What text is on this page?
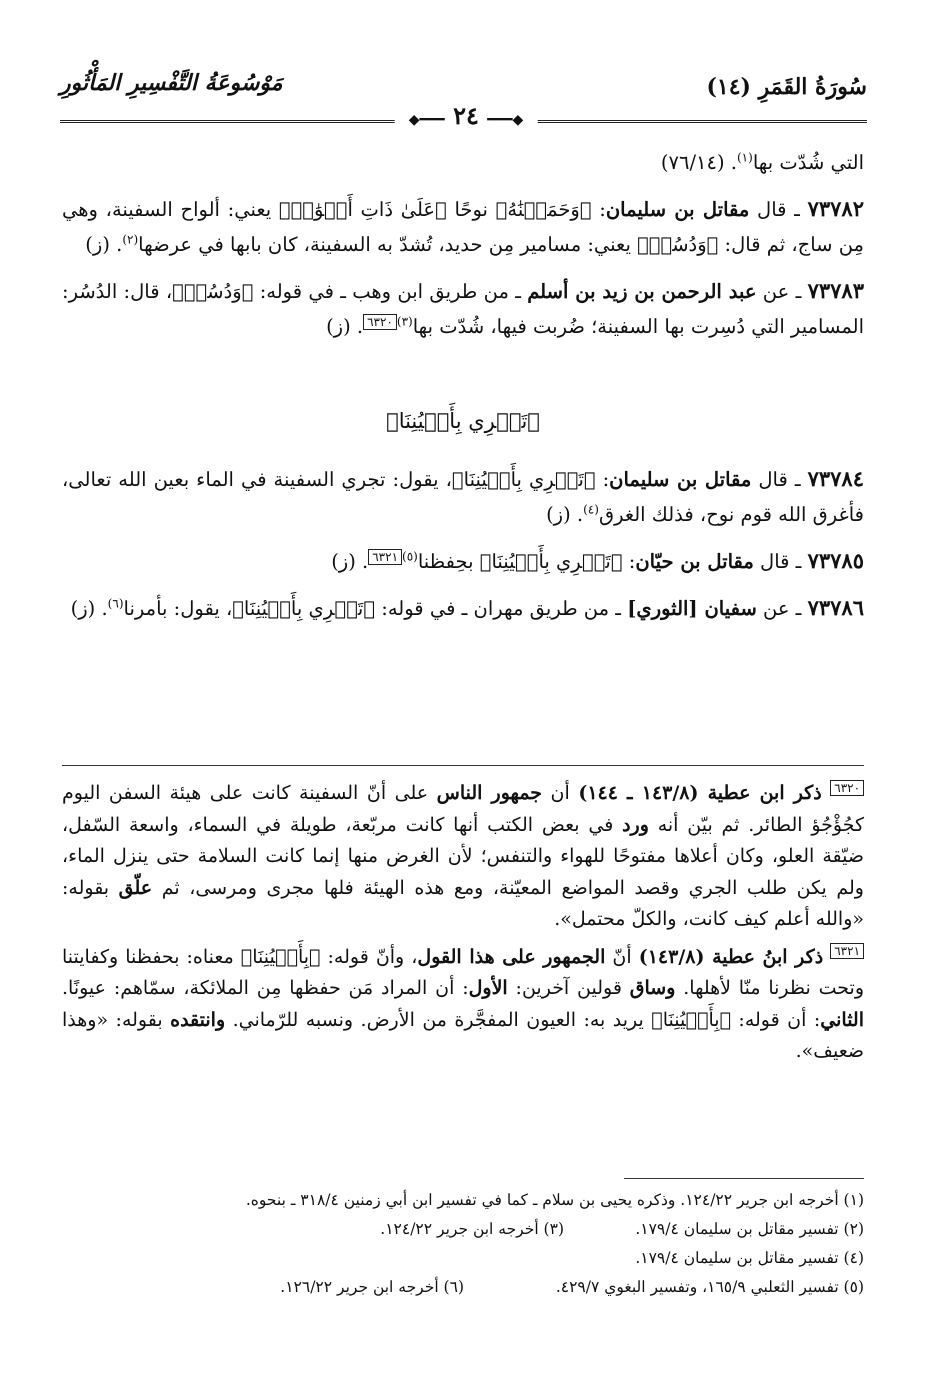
سُورَةُ القَمَرِ (١٤)
مَوْسُوعَةُ التَّفْسِيرِ المَأْثُورِ
◆━━━ ٢٤ ━━━◆

التي شُدّت بها$^{(١)}$. (٧٦/١٤)

٧٣٧٨٢ ـ قال مقاتل بن سليمان: ﴿وَحَمَلۡنَٰهُ﴾ نوحًا ﴿عَلَىٰ ذَاتِ أَلۡوَٰحٖ﴾ يعني: ألواح السفينة، وهي مِن ساج، ثم قال: ﴿وَدُسُرٖ﴾ يعني: مسامير مِن حديد، تُشدّ به السفينة، كان بابها في عرضها$^{(٢)}$. (ز)

٧٣٧٨٣ ـ عن عبد الرحمن بن زيد بن أسلم ـ من طريق ابن وهب ـ في قوله: ﴿وَدُسُرٖ﴾، قال: الدُسُر: المسامير التي دُسِرت بها السفينة؛ ضُربت فيها، شُدّت بها$^{(٣)}$٦٣٢٠. (ز)

﴿تَجۡرِي بِأَعۡيُنِنَا﴾

٧٣٧٨٤ ـ قال مقاتل بن سليمان: ﴿تَجۡرِي بِأَعۡيُنِنَا﴾، يقول: تجري السفينة في الماء بعين الله تعالى، فأغرق الله قوم نوح، فذلك الغرق$^{(٤)}$. (ز)

٧٣٧٨٥ ـ قال مقاتل بن حيّان: ﴿تَجۡرِي بِأَعۡيُنِنَا﴾ بحِفظنا$^{(٥)}$٦٣٢١. (ز)

٧٣٧٨٦ ـ عن سفيان [الثوري] ـ من طريق مهران ـ في قوله: ﴿تَجۡرِي بِأَعۡيُنِنَا﴾، يقول: بأمرنا$^{(٦)}$. (ز)

٦٣٢٠ ذكر ابن عطية (١٤٣/٨ ـ ١٤٤) أن جمهور الناس على أنّ السفينة كانت على هيئة السفن اليوم كجُؤْجُؤ الطائر. ثم بيّن أنه ورد في بعض الكتب أنها كانت مربّعة، طويلة في السماء، واسعة السّفل، ضيّقة العلو، وكان أعلاها مفتوحًا للهواء والتنفس؛ لأن الغرض منها إنما كانت السلامة حتى ينزل الماء، ولم يكن طلب الجري وقصد المواضع المعيّنة، ومع هذه الهيئة فلها مجرى ومرسى، ثم علّق بقوله: «والله أعلم كيف كانت، والكلّ محتمل».

٦٣٢١ ذكر ابنُ عطية (١٤٣/٨) أنّ الجمهور على هذا القول، وأنّ قوله: ﴿بِأَعۡيُنِنَا﴾ معناه: بحفظنا وكفايتنا وتحت نظرنا منّا لأهلها. وساق قولين آخرين: الأول: أن المراد مَن حفظها مِن الملائكة، سمّاهم: عيونًا. الثاني: أن قوله: ﴿بِأَعۡيُنِنَا﴾ يريد به: العيون المفجَّرة من الأرض. ونسبه للرّماني. وانتقده بقوله: «وهذا ضعيف».

(١) أخرجه ابن جرير ١٢٤/٢٢. وذكره يحيى بن سلام ـ كما في تفسير ابن أبي زمنين ٣١٨/٤ ـ بنحوه.
(٢) تفسير مقاتل بن سليمان ١٧٩/٤.
(٣) أخرجه ابن جرير ١٢٤/٢٢.
(٤) تفسير مقاتل بن سليمان ١٧٩/٤.
(٥) تفسير الثعلبي ١٦٥/٩، وتفسير البغوي ٤٢٩/٧.
(٦) أخرجه ابن جرير ١٢٦/٢٢.
